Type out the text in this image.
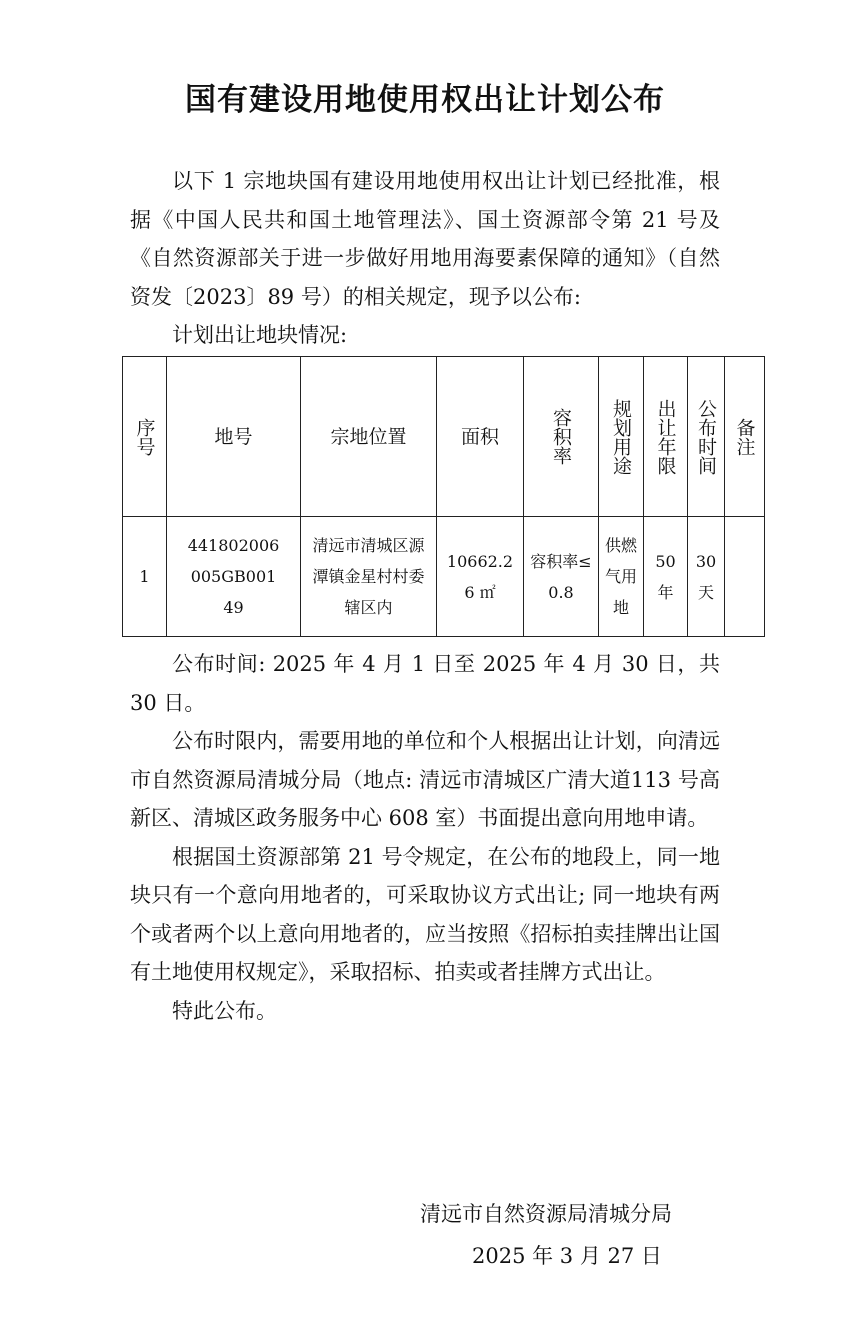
国有建设用地使用权出让计划公布

以下 1 宗地块国有建设用地使用权出让计划已经批准，根据《中国人民共和国土地管理法》、国土资源部令第 21 号及《自然资源部关于进一步做好用地用海要素保障的通知》（自然资发〔2023〕89 号）的相关规定，现予以公布:

计划出让地块情况:

序号	地号	宗地位置	面积	容积率	规划用途	出让年限	公布时间	备注
1	441802006005GB00149	清远市清城区源潭镇金星村村委辖区内	10662.26 ㎡	容积率≤0.8	供燃气用地	50年	30天	

公布时间: 2025 年 4 月 1 日至 2025 年 4 月 30 日，共30 日。

公布时限内，需要用地的单位和个人根据出让计划，向清远市自然资源局清城分局（地点: 清远市清城区广清大道113 号高新区、清城区政务服务中心 608 室）书面提出意向用地申请。

根据国土资源部第 21 号令规定，在公布的地段上，同一地块只有一个意向用地者的，可采取协议方式出让; 同一地块有两个或者两个以上意向用地者的，应当按照《招标拍卖挂牌出让国有土地使用权规定》，采取招标、拍卖或者挂牌方式出让。

特此公布。

清远市自然资源局清城分局

2025 年 3 月 27 日
